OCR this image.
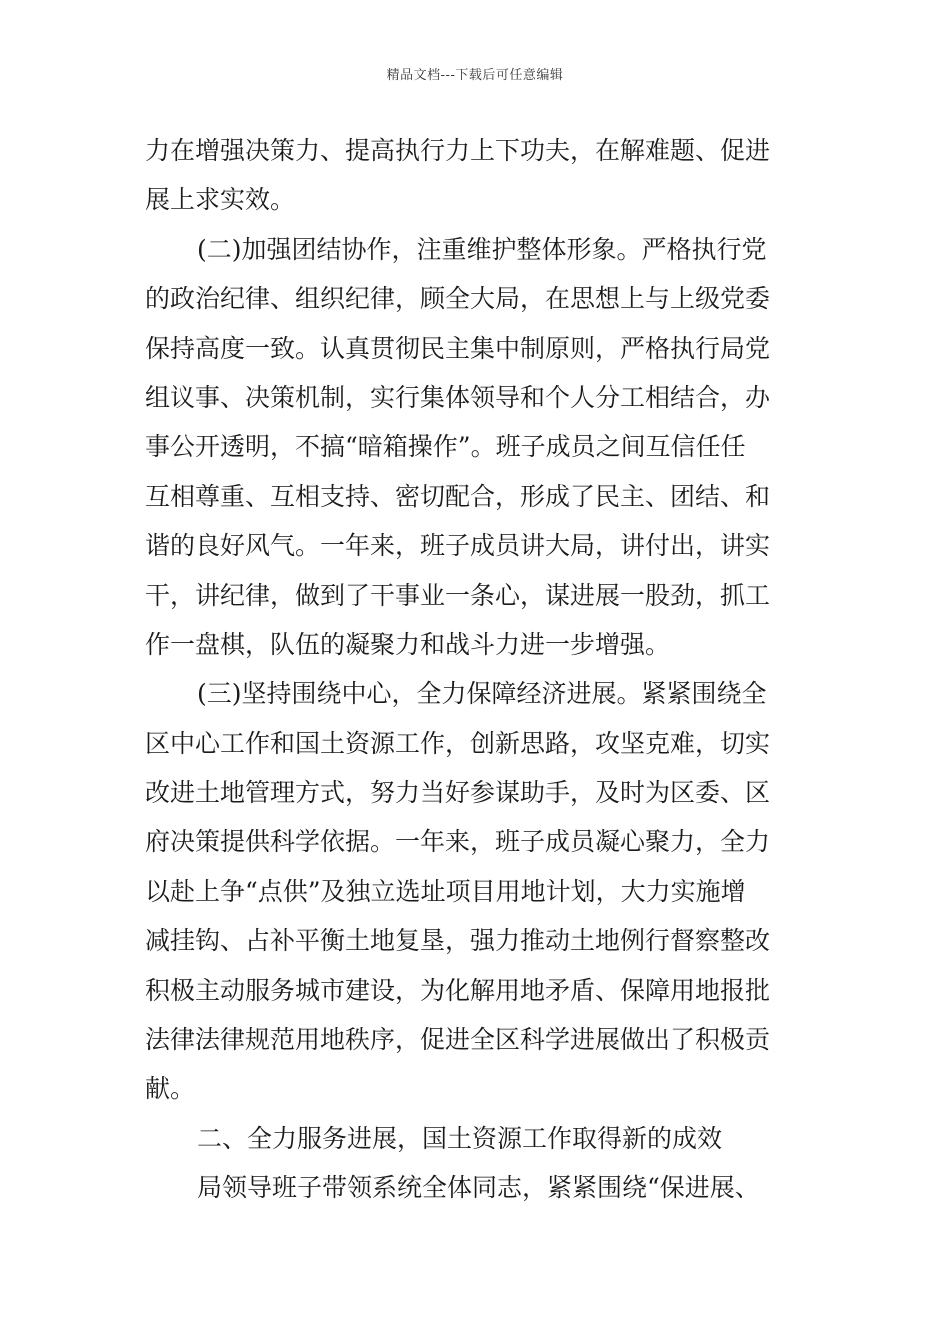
精品文档---下载后可任意编辑
力在增强决策力、提高执行力上下功夫，在解难题、促进
展上求实效。
(二)加强团结协作，注重维护整体形象。严格执行党
的政治纪律、组织纪律，顾全大局，在思想上与上级党委
保持高度一致。认真贯彻民主集中制原则，严格执行局党
组议事、决策机制，实行集体领导和个人分工相结合，办
事公开透明，不搞“暗箱操作”。班子成员之间互信任任
互相尊重、互相支持、密切配合，形成了民主、团结、和
谐的良好风气。一年来，班子成员讲大局，讲付出，讲实
干，讲纪律，做到了干事业一条心，谋进展一股劲，抓工
作一盘棋，队伍的凝聚力和战斗力进一步增强。
(三)坚持围绕中心，全力保障经济进展。紧紧围绕全
区中心工作和国土资源工作，创新思路，攻坚克难，切实
改进土地管理方式，努力当好参谋助手，及时为区委、区
府决策提供科学依据。一年来，班子成员凝心聚力，全力
以赴上争“点供”及独立选址项目用地计划，大力实施增
减挂钩、占补平衡土地复垦，强力推动土地例行督察整改
积极主动服务城市建设，为化解用地矛盾、保障用地报批
法律法律规范用地秩序，促进全区科学进展做出了积极贡
献。
二、全力服务进展，国土资源工作取得新的成效
局领导班子带领系统全体同志，紧紧围绕“保进展、
